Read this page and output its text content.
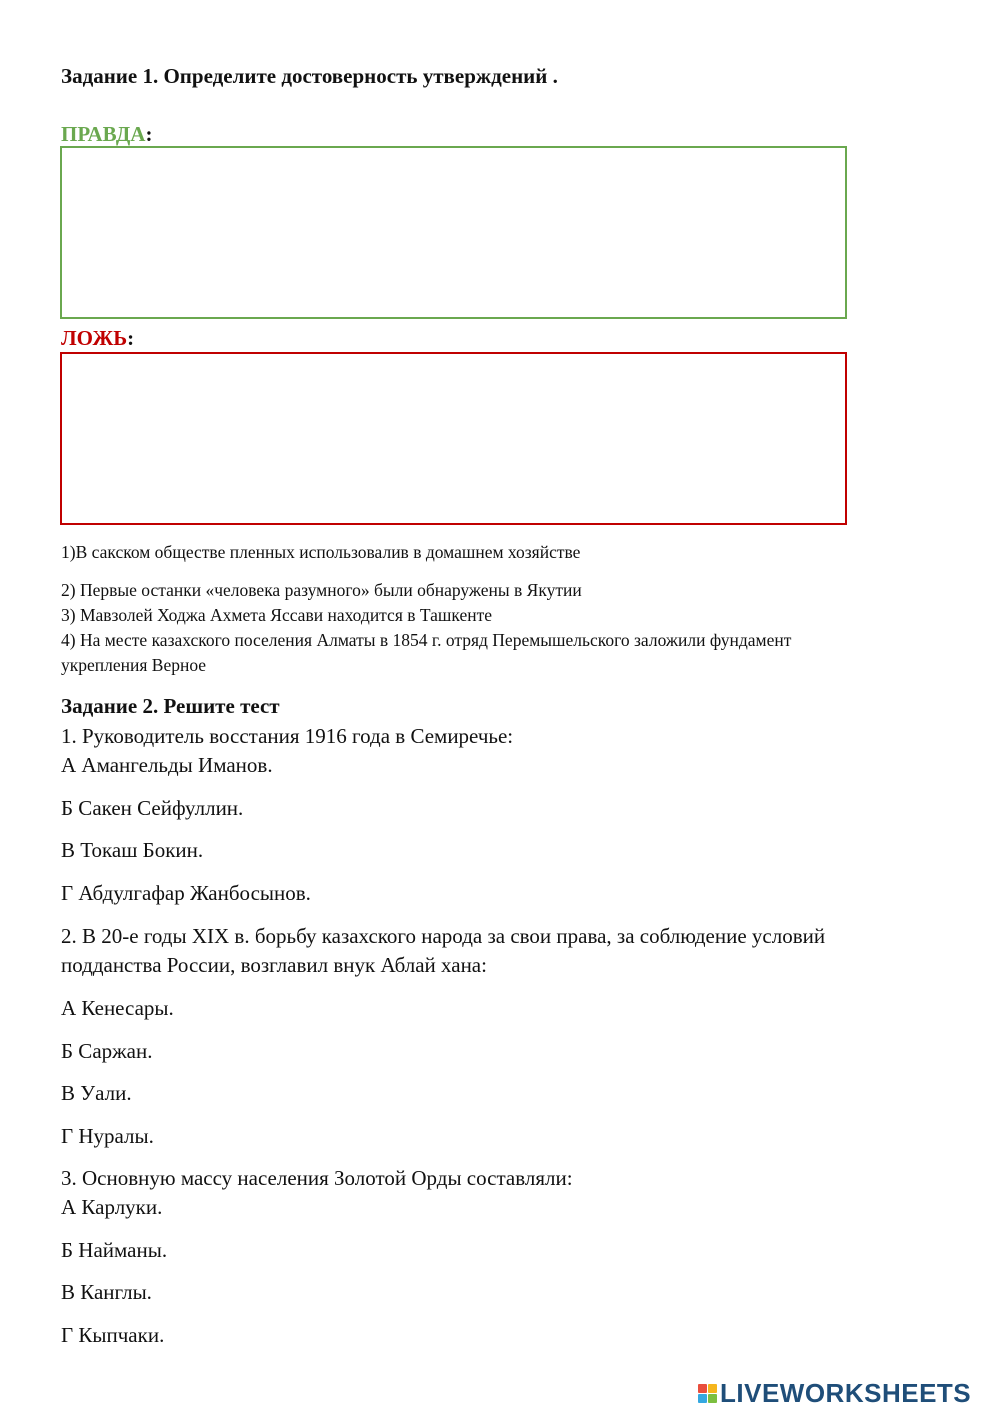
Задание 1. Определите достоверность утверждений .
ПРАВДА:
ЛОЖЬ:
1)В сакском обществе пленных использовалив в домашнем хозяйстве
2) Первые останки «человека разумного» были обнаружены в Якутии
3) Мавзолей Ходжа Ахмета Яссави находится в Ташкенте
4) На месте казахского поселения Алматы в 1854 г. отряд Перемышельского заложили фундамент
укрепления Верное
Задание 2. Решите тест
1. Руководитель восстания 1916 года в Семиречье:
А Амангельды Иманов.
Б Сакен Сейфуллин.
В Токаш Бокин.
Г Абдулгафар Жанбосынов.
2. В 20-е годы XIX в. борьбу казахского народа за свои права, за соблюдение условий
подданства России, возглавил внук Аблай хана:
А Кенесары.
Б Саржан.
В Уали.
Г Нуралы.
3. Основную массу населения Золотой Орды составляли:
А Карлуки.
Б Найманы.
В Канглы.
Г Кыпчаки.
LIVEWORKSHEETS
